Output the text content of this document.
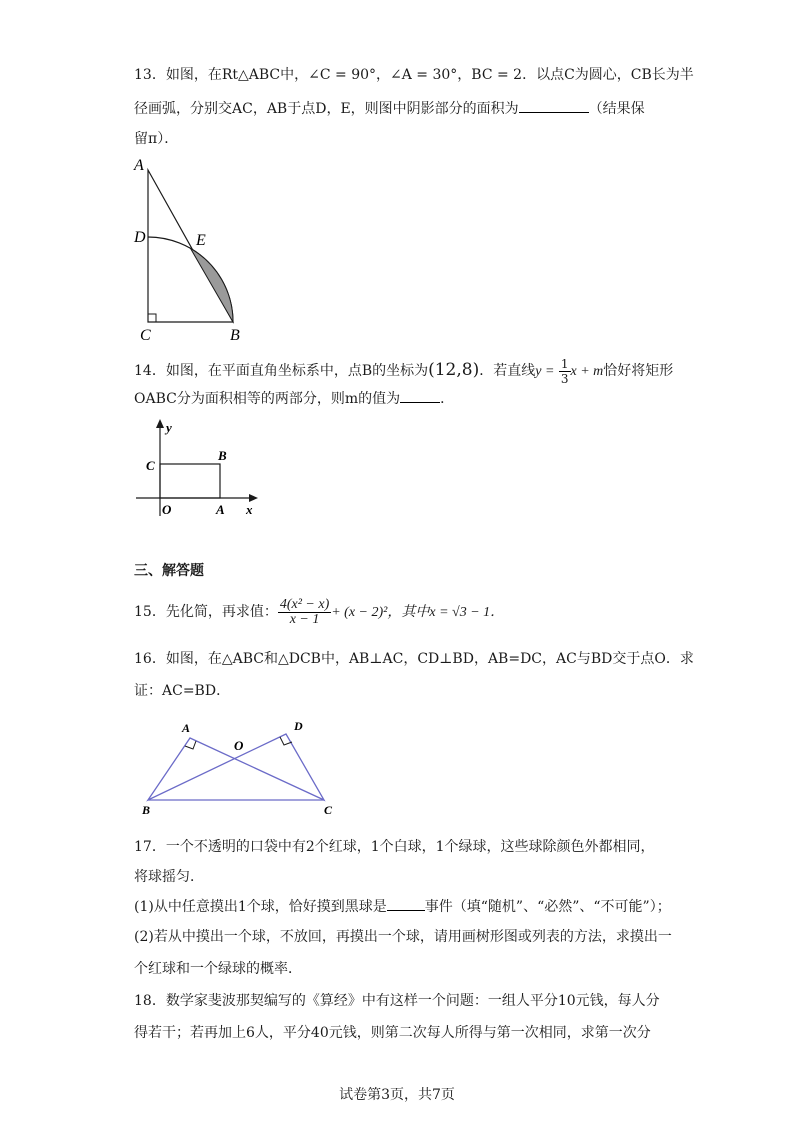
13．如图，在Rt△ABC中，∠C = 90°，∠A = 30°，BC = 2．以点C为圆心，CB长为半
径画弧，分别交AC，AB于点D，E，则图中阴影部分的面积为	（结果保
留π）．
A
D	E
C	B
14．如图，在平面直角坐标系中，点B的坐标为(12,8)．若直线$y = \frac{1}{3}$ x + m恰好将矩形
OABC分为面积相等的两部分，则m的值为	．
y
x
C
B
O	A
三、解答题
15．先化简，再求值： $\frac{\text{4(x² − x)}}{x - 1} + (x - 2)^2$，其中x = √3 − 1．
16．如图，在△ABC和△DCB中，AB⊥AC，CD⊥BD，AB=DC，AC与BD交于点O．求
证：AC=BD．
A	D
O
B	C
17．一个不透明的口袋中有2个红球，1个白球，1个绿球，这些球除颜色外都相同，
将球摇匀．
(1)从中任意摸出1个球，恰好摸到黑球是	事件（填“随机”、“必然”、“不可能”）；
(2)若从中摸出一个球，不放回，再摸出一个球，请用画树形图或列表的方法，求摸出一
个红球和一个绿球的概率．
18．数学家斐波那契编写的《算经》中有这样一个问题：一组人平分10元钱，每人分
得若干；若再加上6人，平分40元钱，则第二次每人所得与第一次相同，求第一次分
试卷第3页，共7页
